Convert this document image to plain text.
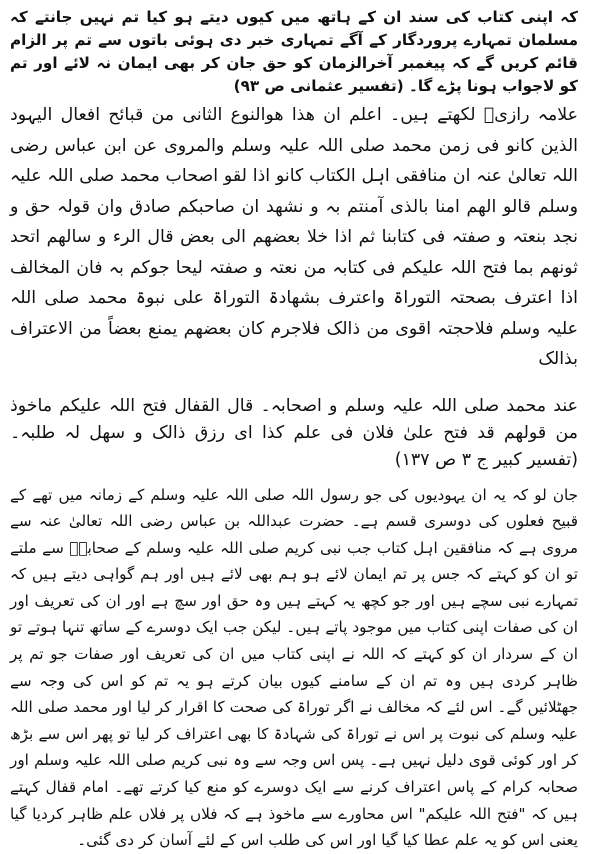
کہ اپنی کتاب کی سند ان کے ہاتھ میں کیوں دیتے ہو کیا تم نہیں جانتے کہ مسلمان تمہارے پروردگار کے آگے تمہاری خبر دی ہوئی باتوں سے تم پر الزام قائم کریں گے کہ پیغمبر آخرالزمان کو حق جان کر بھی ایمان نہ لائے اور تم کو لاجواب ہونا پڑے گا۔ (تفسیر عثمانی ص ۹۳)

علامہ رازیؒ لکھتے ہیں۔ اعلم ان ھذا ھوالنوع الثانی من قبائح افعال الیہود الذین کانو فی زمن محمد صلی اللہ علیہ وسلم والمروی عن ابن عباس رضی اللہ تعالیٰ عنہ ان منافقی اہل الکتاب کانو اذا لقو اصحاب محمد صلی اللہ علیہ وسلم قالو الھم امنا بالذی آمنتم بہ و نشھد ان صاحبکم صادق وان قولہ حق و نجد بنعتہ و صفتہ فی کتابنا ثم اذا خلا بعضھم الی بعض قال الرء و سالھم اتحد ثونھم بما فتح اللہ علیکم فی کتابہ من نعتہ و صفتہ لیحا جوکم بہ فان المخالف اذا اعترف بصحتہ التوراۃ واعترف بشھادۃ التوراۃ علی نبوۃ محمد صلی اللہ علیہ وسلم فلاحجتہ اقوی من ذالک فلاجرم کان بعضھم یمنع بعضاً من الاعتراف بذالک

عند محمد صلی اللہ علیہ وسلم و اصحابہ۔ قال القفال فتح اللہ علیکم ماخوذ من قولھم قد فتح علیٰ فلان فی علم کذا ای رزق ذالک و سھل لہ طلبہ۔ (تفسیر کبیر ج ۳ ص ۱۳۷)

جان لو کہ یہ ان یہودیوں کی جو رسول اللہ صلی اللہ علیہ وسلم کے زمانہ میں تھے کے قبیح فعلوں کی دوسری قسم ہے۔ حضرت عبداللہ بن عباس رضی اللہ تعالیٰ عنہ سے مروی ہے کہ منافقین اہل کتاب جب نبی کریم صلی اللہ علیہ وسلم کے صحابہؓ سے ملتے تو ان کو کہتے کہ جس پر تم ایمان لائے ہو ہم بھی لائے ہیں اور ہم گواہی دیتے ہیں کہ تمہارے نبی سچے ہیں اور جو کچھ یہ کہتے ہیں وہ حق اور سچ ہے اور ان کی تعریف اور ان کی صفات اپنی کتاب میں موجود پاتے ہیں۔ لیکن جب ایک دوسرے کے ساتھ تنہا ہوتے تو ان کے سردار ان کو کہتے کہ اللہ نے اپنی کتاب میں ان کی تعریف اور صفات جو تم پر ظاہر کردی ہیں وہ تم ان کے سامنے کیوں بیان کرتے ہو یہ تم کو اس کی وجہ سے جھٹلائیں گے۔ اس لئے کہ مخالف نے اگر توراۃ کی صحت کا اقرار کر لیا اور محمد صلی اللہ علیہ وسلم کی نبوت پر اس نے توراۃ کی شہادۃ کا بھی اعتراف کر لیا تو پھر اس سے بڑھ کر اور کوئی قوی دلیل نہیں ہے۔ پس اس وجہ سے وہ نبی کریم صلی اللہ علیہ وسلم اور صحابہ کرام کے پاس اعتراف کرنے سے ایک دوسرے کو منع کیا کرتے تھے۔ امام قفال کہتے ہیں کہ "فتح اللہ علیکم" اس محاورے سے ماخوذ ہے کہ فلاں پر فلاں علم ظاہر کردیا گیا یعنی اس کو یہ علم عطا کیا گیا اور اس کی طلب اس کے لئے آسان کر دی گئی۔
